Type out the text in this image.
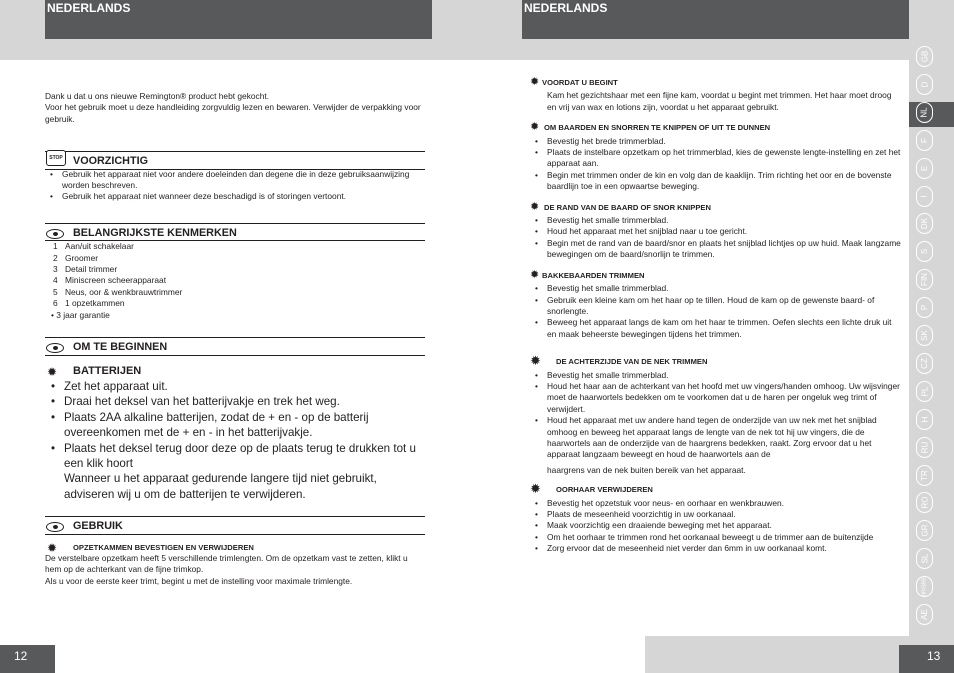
NEDERLANDS	NEDERLANDS
GB
D
NL
F
E
I
DK
S
FIN
P
SK
CZ
PL
H
RU
TR
RO
GR
SL
HR/SRB
AE

Dank u dat u ons nieuwe Remington® product hebt gekocht.

Voor het gebruik moet u deze handleiding zorgvuldig lezen en bewaren. Verwijder de verpakking voor gebruik.

STOP VOORZICHTIG
• Gebruik het apparaat niet voor andere doeleinden dan degene die in deze gebruiksaanwijzing worden beschreven.
• Gebruik het apparaat niet wanneer deze beschadigd is of storingen vertoont.
BELANGRIJKSTE KENMERKEN
1 Aan/uit schakelaar
2 Groomer
3 Detail trimmer
4 Miniscreen scheerapparaat
5 Neus, oor & wenkbrauwtrimmer
6 1 opzetkammen

• 3 jaar garantie

OM TE BEGINNEN
✹ BATTERIJEN
• Zet het apparaat uit.
• Draai het deksel van het batterijvakje en trek het weg.
• Plaats 2AA alkaline batterijen, zodat de + en - op de batterij overeenkomen met de + en - in het batterijvakje.
• Plaats het deksel terug door deze op de plaats terug te drukken tot u een klik hoort

Wanneer u het apparaat gedurende langere tijd niet gebruikt, adviseren wij u om de batterijen te verwijderen.

GEBRUIK
✹ OPZETKAMMEN BEVESTIGEN EN VERWIJDEREN

De verstelbare opzetkam heeft 5 verschillende trimlengten. Om de opzetkam vast te zetten, klikt u hem op de achterkant van de fijne trimkop.

Als u voor de eerste keer trimt, begint u met de instelling voor maximale trimlengte.

✹ VOORDAT U BEGINT

Kam het gezichtshaar met een fijne kam, voordat u begint met trimmen. Het haar moet droog en vrij van wax en lotions zijn, voordat u het apparaat gebruikt.

✹ OM BAARDEN EN SNORREN TE KNIPPEN OF UIT TE DUNNEN
• Bevestig het brede trimmerblad.
• Plaats de instelbare opzetkam op het trimmerblad, kies de gewenste lengte-instelling en zet het apparaat aan.
• Begin met trimmen onder de kin en volg dan de kaaklijn. Trim richting het oor en de bovenste baardlijn toe in een opwaartse beweging.
✹ DE RAND VAN DE BAARD OF SNOR KNIPPEN
• Bevestig het smalle trimmerblad.
• Houd het apparaat met het snijblad naar u toe gericht.
• Begin met de rand van de baard/snor en plaats het snijblad lichtjes op uw huid. Maak langzame bewegingen om de baard/snorlijn te trimmen.
✹ BAKKEBAARDEN TRIMMEN
• Bevestig het smalle trimmerblad.
• Gebruik een kleine kam om het haar op te tillen. Houd de kam op de gewenste baard- of snorlengte.
• Beweeg het apparaat langs de kam om het haar te trimmen. Oefen slechts een lichte druk uit en maak beheerste bewegingen tijdens het trimmen.
✹ DE ACHTERZIJDE VAN DE NEK TRIMMEN
• Bevestig het smalle trimmerblad.
• Houd het haar aan de achterkant van het hoofd met uw vingers/handen omhoog. Uw wijsvinger moet de haarwortels bedekken om te voorkomen dat u de haren per ongeluk weg trimt of verwijdert.
• Houd het apparaat met uw andere hand tegen de onderzijde van uw nek met het snijblad omhoog en beweeg het apparaat langs de lengte van de nek tot hij uw vingers, die de haarwortels aan de onderzijde van de haargrens bedekken, raakt. Zorg ervoor dat u het apparaat langzaam beweegt en houd de haarwortels aan de

haargrens van de nek buiten bereik van het apparaat.

✹ OORHAAR VERWIJDEREN
• Bevestig het opzetstuk voor neus- en oorhaar en wenkbrauwen.
• Plaats de meseenheid voorzichtig in uw oorkanaal.
• Maak voorzichtig een draaiende beweging met het apparaat.
• Om het oorhaar te trimmen rond het oorkanaal beweegt u de trimmer aan de buitenzijde
• Zorg ervoor dat de meseenheid niet verder dan 6mm in uw oorkanaal komt.
12	13
